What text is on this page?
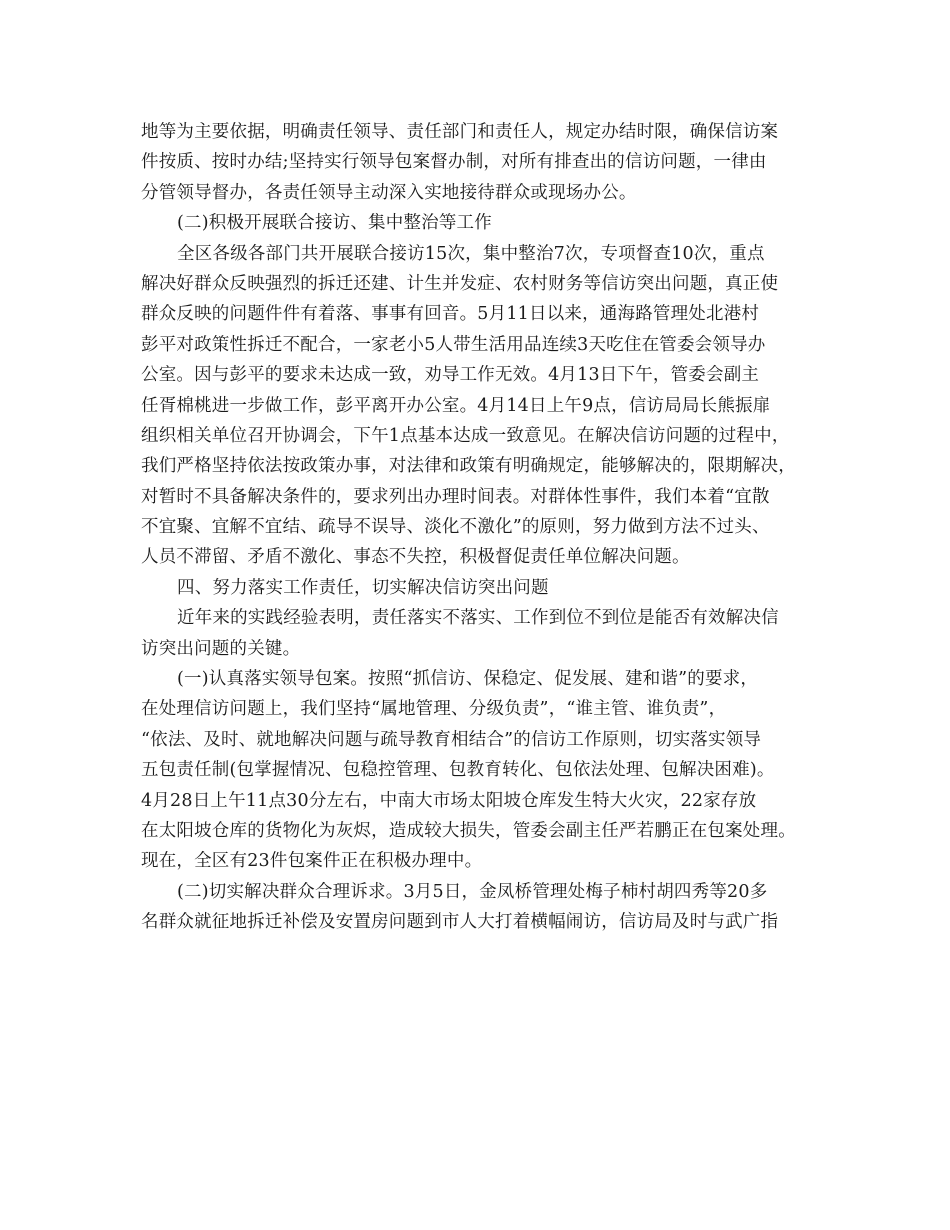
地等为主要依据，明确责任领导、责任部门和责任人，规定办结时限，确保信访案
件按质、按时办结;坚持实行领导包案督办制，对所有排查出的信访问题，一律由
分管领导督办，各责任领导主动深入实地接待群众或现场办公。
(二)积极开展联合接访、集中整治等工作
全区各级各部门共开展联合接访15次，集中整治7次，专项督查10次，重点
解决好群众反映强烈的拆迁还建、计生并发症、农村财务等信访突出问题，真正使
群众反映的问题件件有着落、事事有回音。5月11日以来，通海路管理处北港村
彭平对政策性拆迁不配合，一家老小5人带生活用品连续3天吃住在管委会领导办
公室。因与彭平的要求未达成一致，劝导工作无效。4月13日下午，管委会副主
任胥棉桃进一步做工作，彭平离开办公室。4月14日上午9点，信访局局长熊振扉
组织相关单位召开协调会，下午1点基本达成一致意见。在解决信访问题的过程中，
我们严格坚持依法按政策办事，对法律和政策有明确规定，能够解决的，限期解决，
对暂时不具备解决条件的，要求列出办理时间表。对群体性事件，我们本着“宜散
不宜聚、宜解不宜结、疏导不误导、淡化不激化”的原则，努力做到方法不过头、
人员不滞留、矛盾不激化、事态不失控，积极督促责任单位解决问题。
四、努力落实工作责任，切实解决信访突出问题
近年来的实践经验表明，责任落实不落实、工作到位不到位是能否有效解决信
访突出问题的关键。
(一)认真落实领导包案。按照“抓信访、保稳定、促发展、建和谐”的要求，
在处理信访问题上，我们坚持“属地管理、分级负责”，“谁主管、谁负责”，
“依法、及时、就地解决问题与疏导教育相结合”的信访工作原则，切实落实领导
五包责任制(包掌握情况、包稳控管理、包教育转化、包依法处理、包解决困难)。
4月28日上午11点30分左右，中南大市场太阳坡仓库发生特大火灾，22家存放
在太阳坡仓库的货物化为灰烬，造成较大损失，管委会副主任严若鹏正在包案处理。
现在，全区有23件包案件正在积极办理中。
(二)切实解决群众合理诉求。3月5日，金凤桥管理处梅子柿村胡四秀等20多
名群众就征地拆迁补偿及安置房问题到市人大打着横幅闹访，信访局及时与武广指
